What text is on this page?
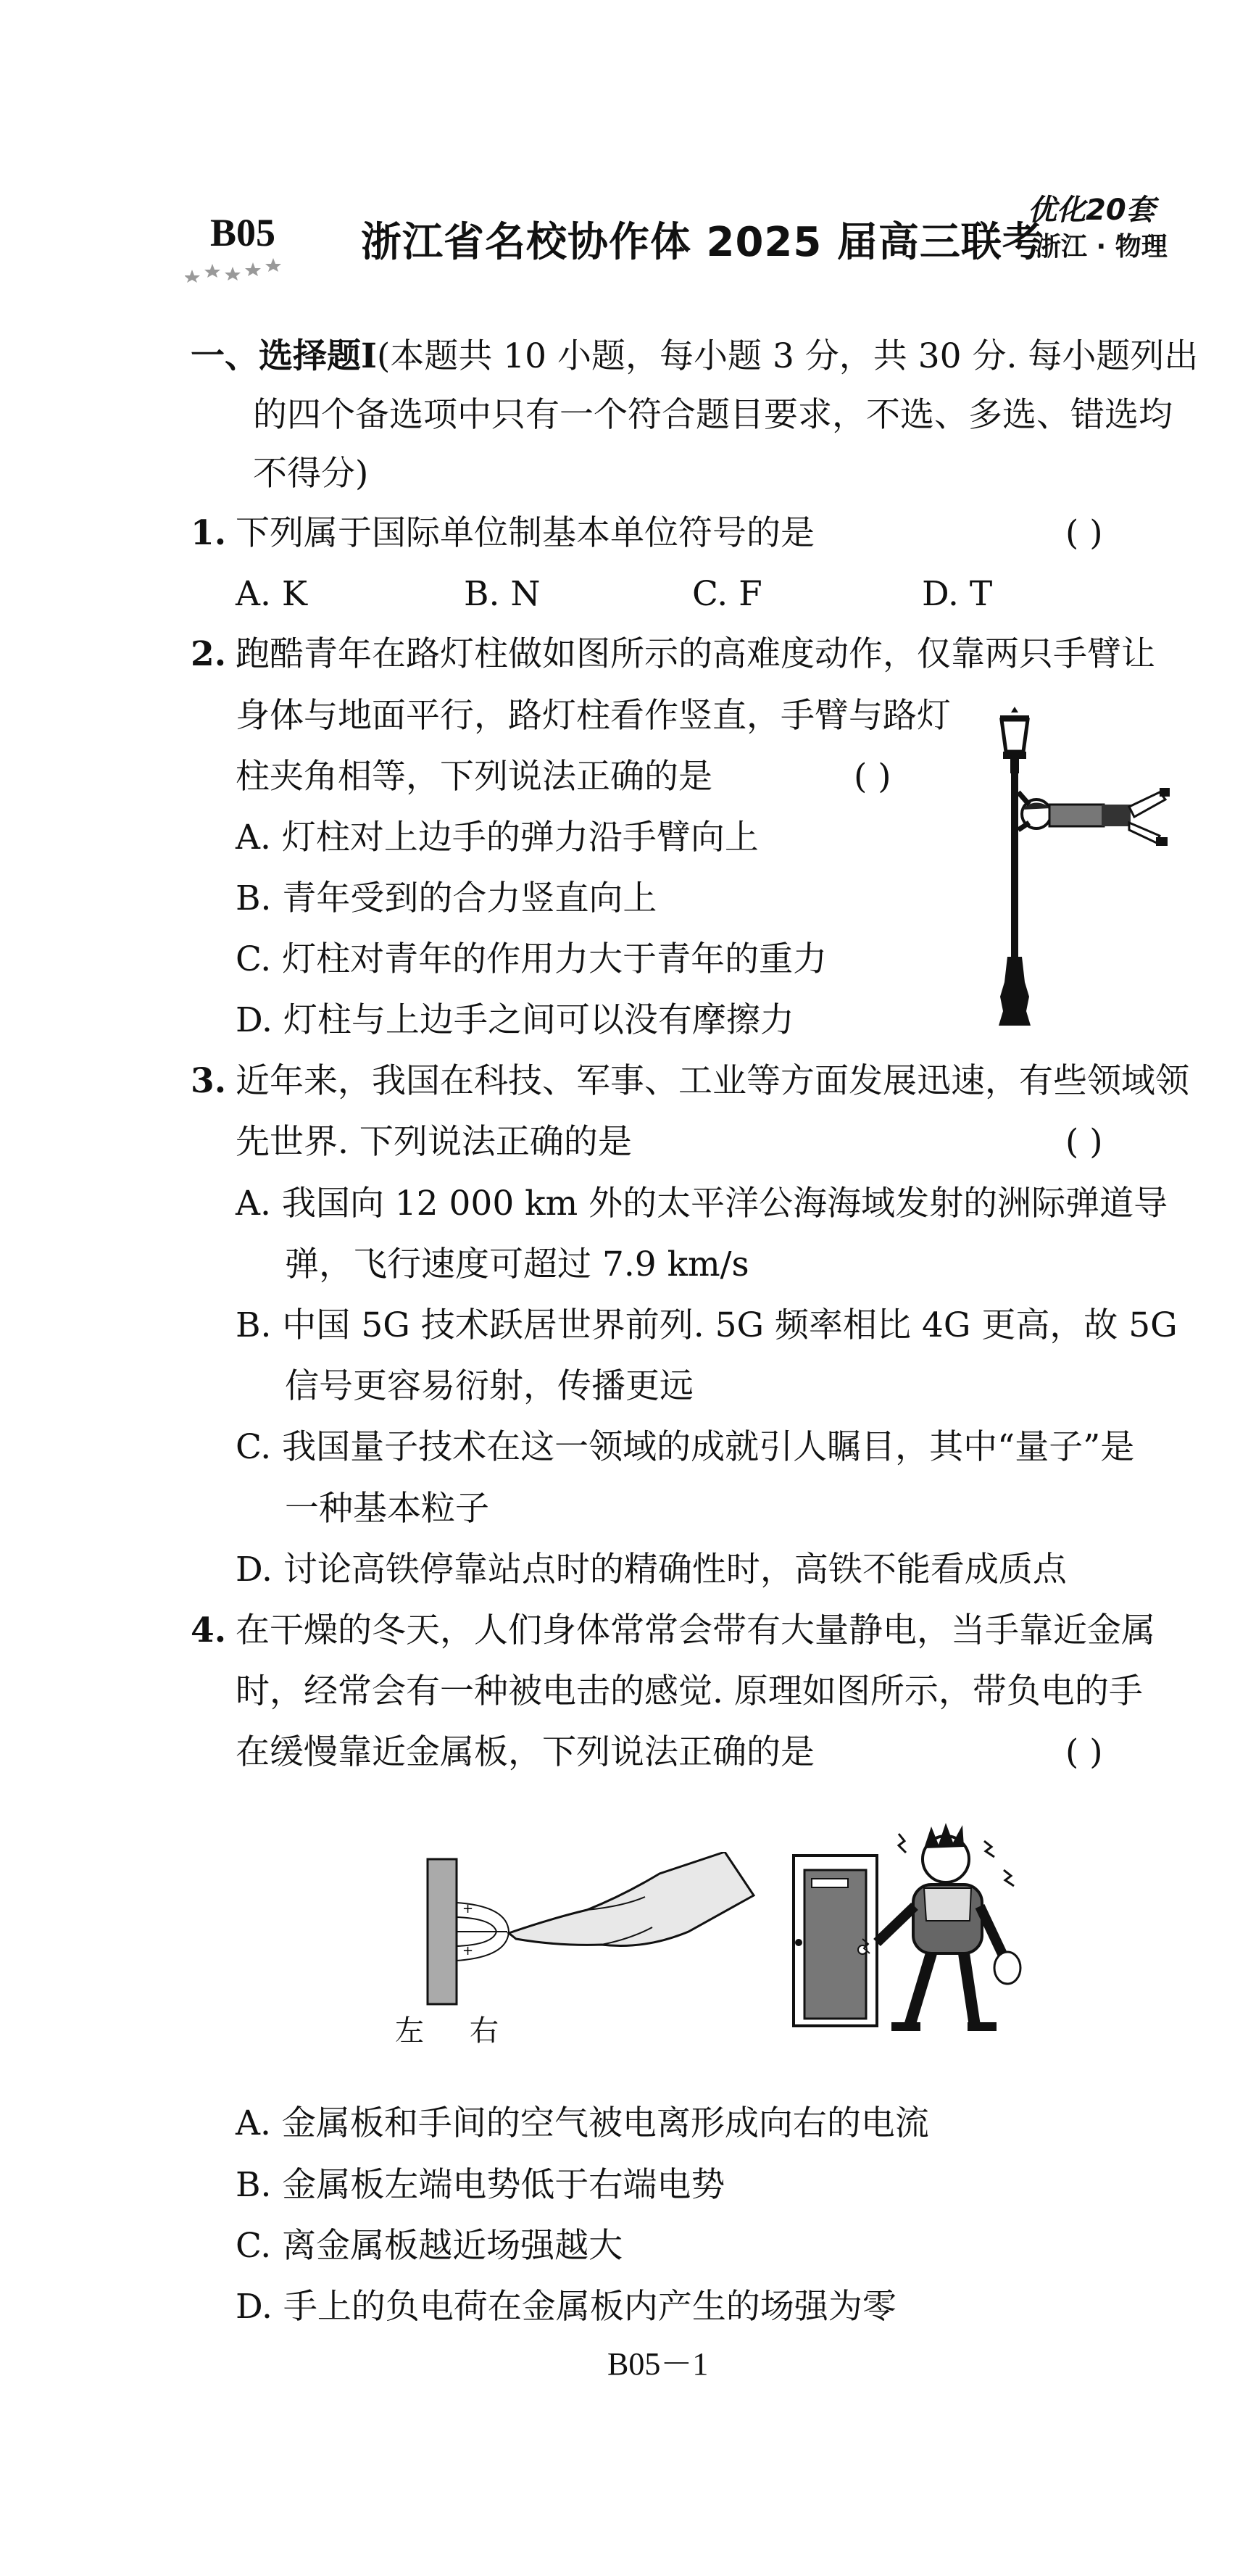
B05 浙江省名校协作体 2025 届高三联考
优化20套
浙江 · 物理
一、选择题Ⅰ(本题共 10 小题，每小题 3 分，共 30 分. 每小题列出
的四个备选项中只有一个符合题目要求，不选、多选、错选均
不得分)
1. 下列属于国际单位制基本单位符号的是	( )
A. K	B. N	C. F	D. T
2. 跑酷青年在路灯柱做如图所示的高难度动作，仅靠两只手臂让
身体与地面平行，路灯柱看作竖直，手臂与路灯
柱夹角相等，下列说法正确的是	( )
A. 灯柱对上边手的弹力沿手臂向上
B. 青年受到的合力竖直向上
C. 灯柱对青年的作用力大于青年的重力
D. 灯柱与上边手之间可以没有摩擦力
3. 近年来，我国在科技、军事、工业等方面发展迅速，有些领域领
先世界. 下列说法正确的是	( )
A. 我国向 12 000 km 外的太平洋公海海域发射的洲际弹道导
弹，飞行速度可超过 7.9 km/s
B. 中国 5G 技术跃居世界前列. 5G 频率相比 4G 更高，故 5G
信号更容易衍射，传播更远
C. 我国量子技术在这一领域的成就引人瞩目，其中“量子”是
一种基本粒子
D. 讨论高铁停靠站点时的精确性时，高铁不能看成质点
4. 在干燥的冬天，人们身体常常会带有大量静电，当手靠近金属
时，经常会有一种被电击的感觉. 原理如图所示，带负电的手
在缓慢靠近金属板，下列说法正确的是	( )
+
+
左 右
A. 金属板和手间的空气被电离形成向右的电流
B. 金属板左端电势低于右端电势
C. 离金属板越近场强越大
D. 手上的负电荷在金属板内产生的场强为零
B05－1
